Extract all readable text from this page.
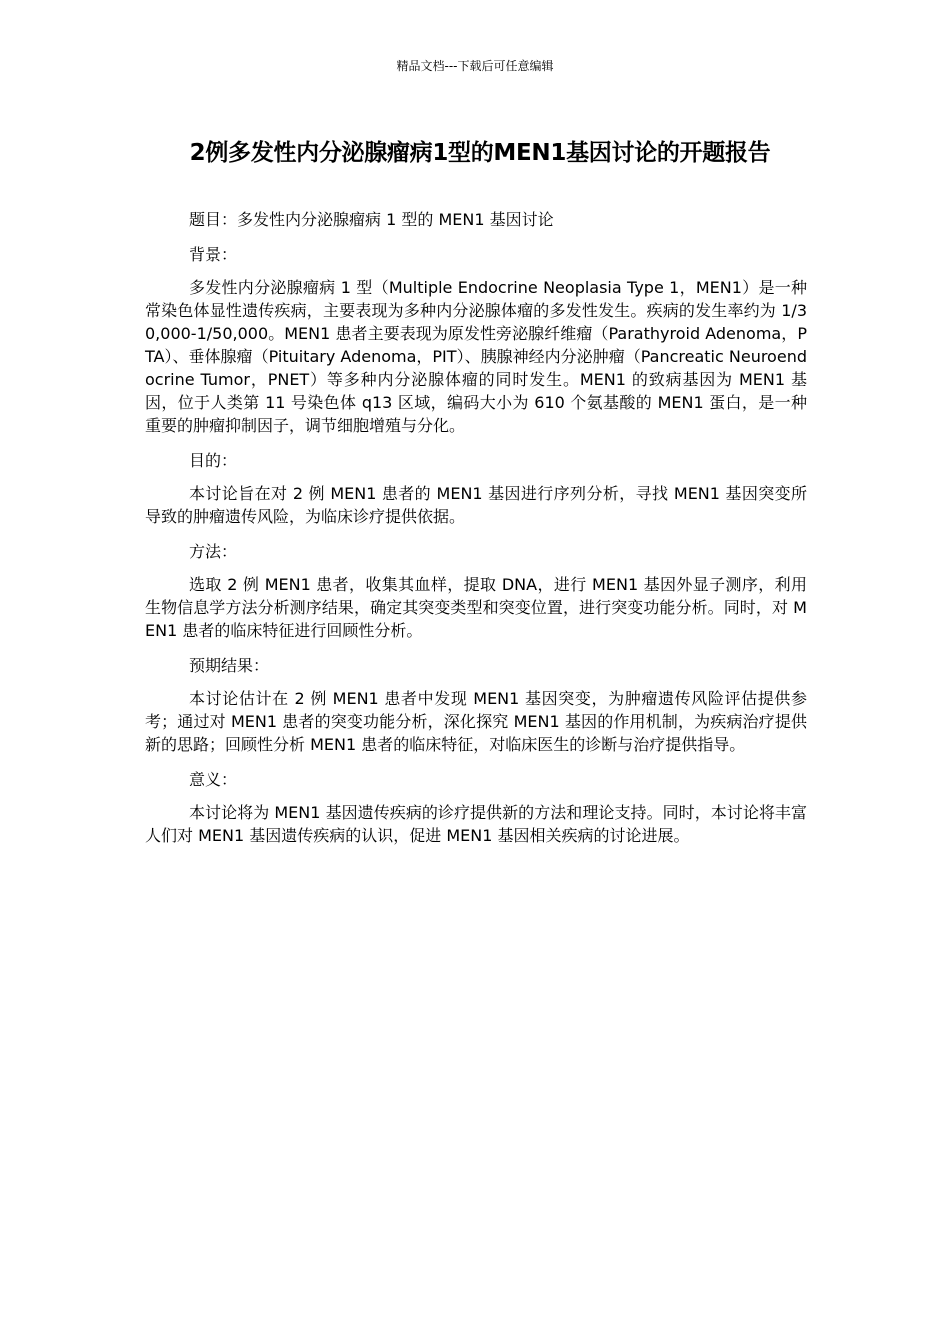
精品文档---下载后可任意编辑
2例多发性内分泌腺瘤病1型的MEN1基因讨论的开题报告

题目：多发性内分泌腺瘤病 1 型的 MEN1 基因讨论

背景：

多发性内分泌腺瘤病 1 型（Multiple Endocrine Neoplasia Type 1，MEN1）是一种常染色体显性遗传疾病，主要表现为多种内分泌腺体瘤的多发性发生。疾病的发生率约为 1/30,000-1/50,000。MEN1 患者主要表现为原发性旁泌腺纤维瘤（Parathyroid Adenoma，PTA）、垂体腺瘤（Pituitary Adenoma，PIT）、胰腺神经内分泌肿瘤（Pancreatic Neuroendocrine Tumor，PNET）等多种内分泌腺体瘤的同时发生。MEN1 的致病基因为 MEN1 基因，位于人类第 11 号染色体 q13 区域，编码大小为 610 个氨基酸的 MEN1 蛋白，是一种重要的肿瘤抑制因子，调节细胞增殖与分化。

目的：

本讨论旨在对 2 例 MEN1 患者的 MEN1 基因进行序列分析，寻找 MEN1 基因突变所导致的肿瘤遗传风险，为临床诊疗提供依据。

方法：

选取 2 例 MEN1 患者，收集其血样，提取 DNA，进行 MEN1 基因外显子测序，利用生物信息学方法分析测序结果，确定其突变类型和突变位置，进行突变功能分析。同时，对 MEN1 患者的临床特征进行回顾性分析。

预期结果：

本讨论估计在 2 例 MEN1 患者中发现 MEN1 基因突变，为肿瘤遗传风险评估提供参考；通过对 MEN1 患者的突变功能分析，深化探究 MEN1 基因的作用机制，为疾病治疗提供新的思路；回顾性分析 MEN1 患者的临床特征，对临床医生的诊断与治疗提供指导。

意义：

本讨论将为 MEN1 基因遗传疾病的诊疗提供新的方法和理论支持。同时，本讨论将丰富人们对 MEN1 基因遗传疾病的认识，促进 MEN1 基因相关疾病的讨论进展。
